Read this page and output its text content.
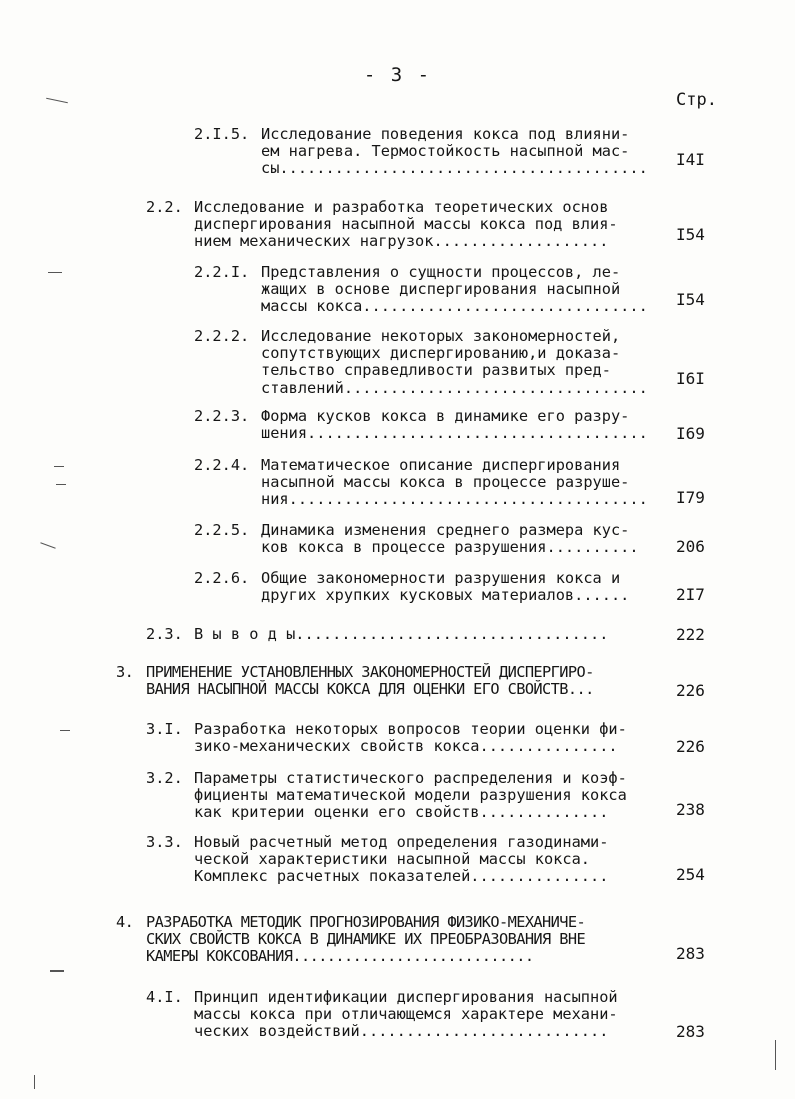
- 3 -
Стр.
2.I.5. Исследование поведения кокса под влияни-
ем нагрева. Термостойкость насыпной мас-
сы........................................ I4I
2.2. Исследование и разработка теоретических основ
диспергирования насыпной массы кокса под влия-
нием механических нагрузок...................	I54
2.2.I. Представления о сущности процессов, ле-
жащих в основе диспергирования насыпной
массы кокса............................... I54
2.2.2. Исследование некоторых закономерностей,
сопутствующих диспергированию,и доказа-
тельство справедливости развитых пред-
ставлений................................. I6I
2.2.3. Форма кусков кокса в динамике его разру-
шения..................................... I69
2.2.4. Математическое описание диспергирования
насыпной массы кокса в процессе разруше-
ния....................................... I79
2.2.5. Динамика изменения среднего размера кус-
ков кокса в процессе разрушения.......... 206
2.2.6. Общие закономерности разрушения кокса и
других хрупких кусковых материалов......	2I7
2.3. В ы в о д ы..................................	222
3. ПРИМЕНЕНИЕ УСТАНОВЛЕННЫХ ЗАКОНОМЕРНОСТЕЙ ДИСПЕРГИРО-
ВАНИЯ НАСЫПНОЙ МАССЫ КОКСА ДЛЯ ОЦЕНКИ ЕГО СВОЙСТВ...	226
3.I. Разработка некоторых вопросов теории оценки фи-
зико-механических свойств кокса...............	226
3.2. Параметры статистического распределения и коэф-
фициенты математической модели разрушения кокса
как критерии оценки его свойств..............	238
3.3. Новый расчетный метод определения газодинами-
ческой характеристики насыпной массы кокса.
Комплекс расчетных показателей...............	254
4. РАЗРАБОТКА МЕТОДИК ПРОГНОЗИРОВАНИЯ ФИЗИКО-МЕХАНИЧЕ-
СКИХ СВОЙСТВ КОКСА В ДИНАМИКЕ ИХ ПРЕОБРАЗОВАНИЯ ВНЕ
КАМЕРЫ КОКСОВАНИЯ............................	283
4.I. Принцип идентификации диспергирования насыпной
массы кокса при отличающемся характере механи-
ческих воздействий...........................	283
